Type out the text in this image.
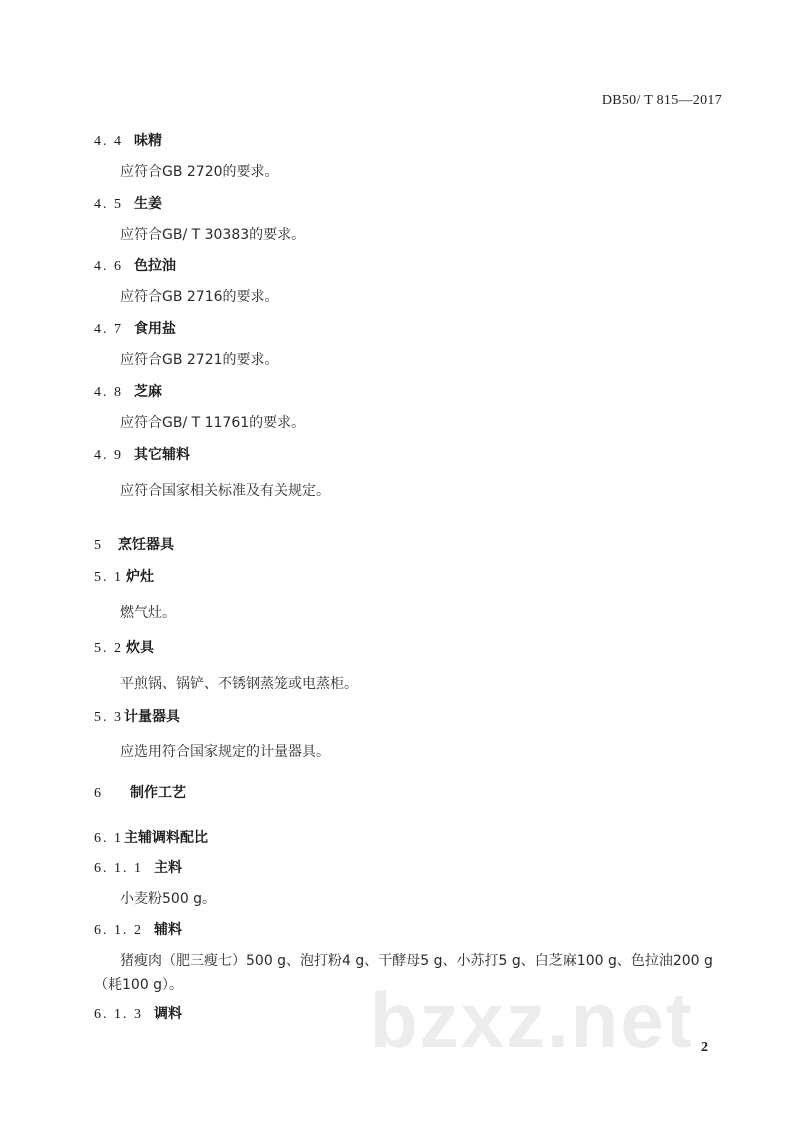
DB50/ T 815—2017
4. 4 味精
应符合GB 2720的要求。
4. 5 生姜
应符合GB/ T 30383的要求。
4. 6 色拉油
应符合GB 2716的要求。
4. 7 食用盐
应符合GB 2721的要求。
4. 8 芝麻
应符合GB/ T 11761的要求。
4. 9 其它辅料
应符合国家相关标准及有关规定。
5 烹饪器具
5. 1 炉灶
燃气灶。
5. 2 炊具
平煎锅、锅铲、不锈钢蒸笼或电蒸柜。
5. 3计量器具
应选用符合国家规定的计量器具。
6 制作工艺
6. 1主辅调料配比
6. 1. 1 主料
小麦粉500 g。
6. 1. 2 辅料
猪瘦肉（肥三瘦七）500 g、泡打粉4 g、干酵母5 g、小苏打5 g、白芝麻100 g、色拉油200 g（耗100 g）。
6. 1. 3 调料 bzxz.net 2
